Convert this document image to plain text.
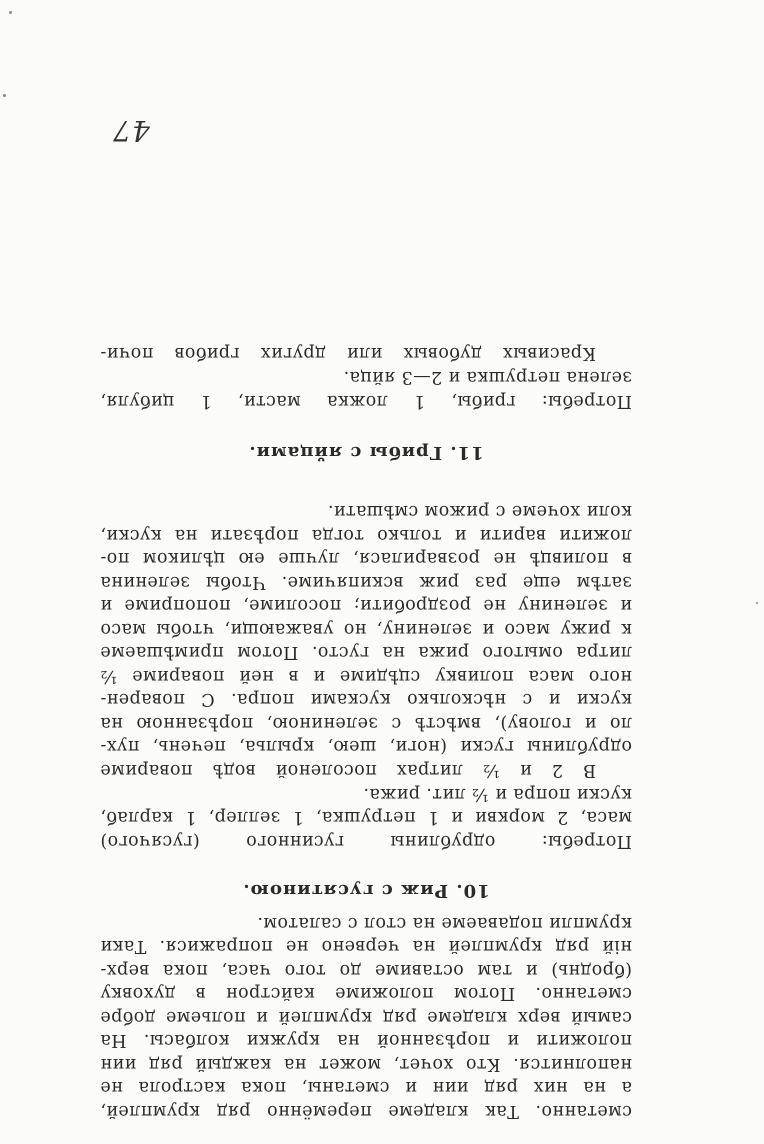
сметанно. Так кладеме перемённо ряд крумплей,
а на них ряд иин и сметаны, пока кастрола не
наполнится. Кто хочет, может на каждый ряд иин
положити и порѣзанной на кружки колбасы. На
самый верх кладеме ряд крумплей и польеме добре
сметанно. Потом положиме кайстрон в духовку
(броднь) и там оставиме до того часа, пока верх-
ній ряд крумплей на червено не попражися. Таки
крумпли подаваеме на стол с салатом.
10. Риж с гусятиною.
Потребы: одрублины гусинного (гусячого)
маса, 2 моркви и 1 петрушка, 1 зеллер, 1 карлаб,
куски попра и ½ лит. рижа.
В 2 и ½ литрах посоленой водѣ повариме
одрублины гуски (ноги, шею, крыльа, печень, пух-
ло и голову), вмѣстѣ с зелениною, порѣзанною на
куски и с нѣсколько кусками попра. С поварен-
ного маса поливку сцѣдиме и в ней повариме ½
литра омытого рижа на густо. Потом примѣшаеме
к рижу масо и зеленину, но уважающи, чтобы масо
и зеленину не роздробити; посолиме, попоприме и
затѣм еще раз риж вскипячиме. Чтобы зеленина
в поливцѣ не розварилася, лучше ею цѣликом по-
ложити варити и только тогда порѣзати на куски,
коли хочеме с рижом смѣшати.
11. Грибы с яйцами.
Потребы: грибы, 1 ложка масти, 1 цибуля,
зелена петрушка и 2—3 яйца.
Красивых дубовых или других грибов почи-
47
